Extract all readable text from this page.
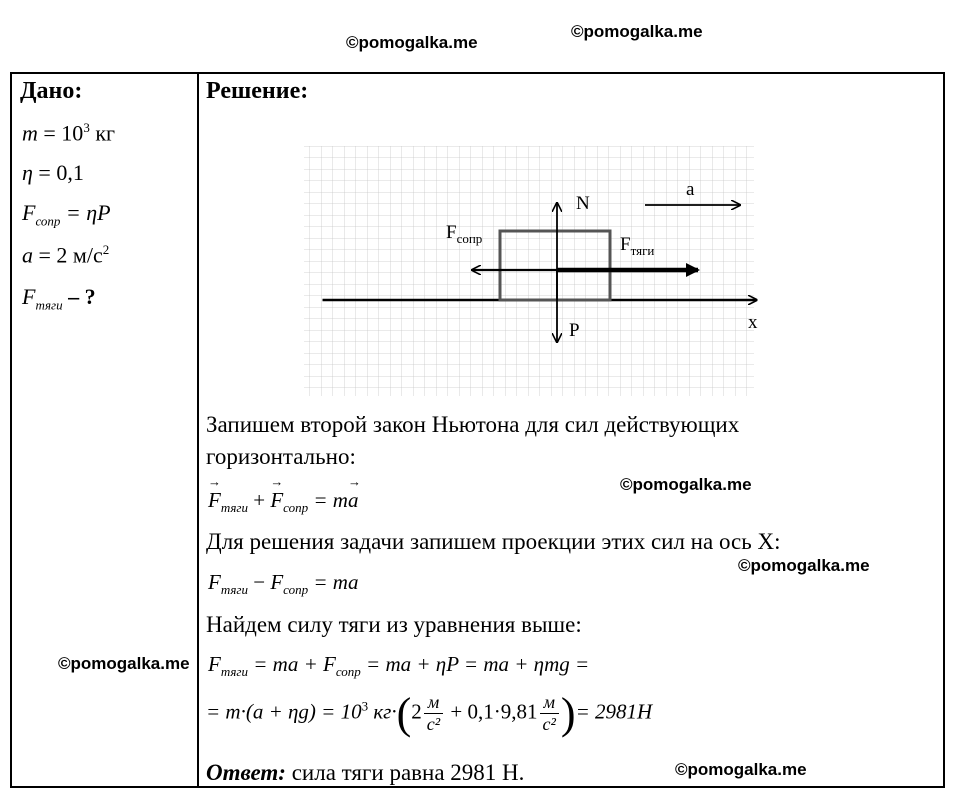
©pomogalka.me
©pomogalka.me
©pomogalka.me
©pomogalka.me
©pomogalka.me
©pomogalka.me
Дано:
$m = 10^3$ кг
η = 0,1
$F_{сопр} = \eta P$
a = 2 $м/с^2$
$F_{тяги}$ – ?
Решение:
N
P
a
x
$F_{сопр}$	$F_{тяги}$
Запишем второй закон Ньютона для сил действующих
горизонтально:
→ $F_{тяги}$ + → $F_{сопр} = m\to a$
Для решения задачи запишем проекции этих сил на ось X:
$F_{тяги} - F_{сопр}$ = ma
Найдем силу тяги из уравнения выше:
$F_{тяги}$ = ma + $F_{сопр}$ = ma + ηP = ma + ηmg =
= $m\cdot(a + \eta g) = 10^3$ $кг\cdot(2 \frac{м}{\text{с²}} + 0,1\cdot 9,81 \frac{м}{\text{с²}}$ )= 2981H
Ответ: сила тяги равна 2981 Н.
